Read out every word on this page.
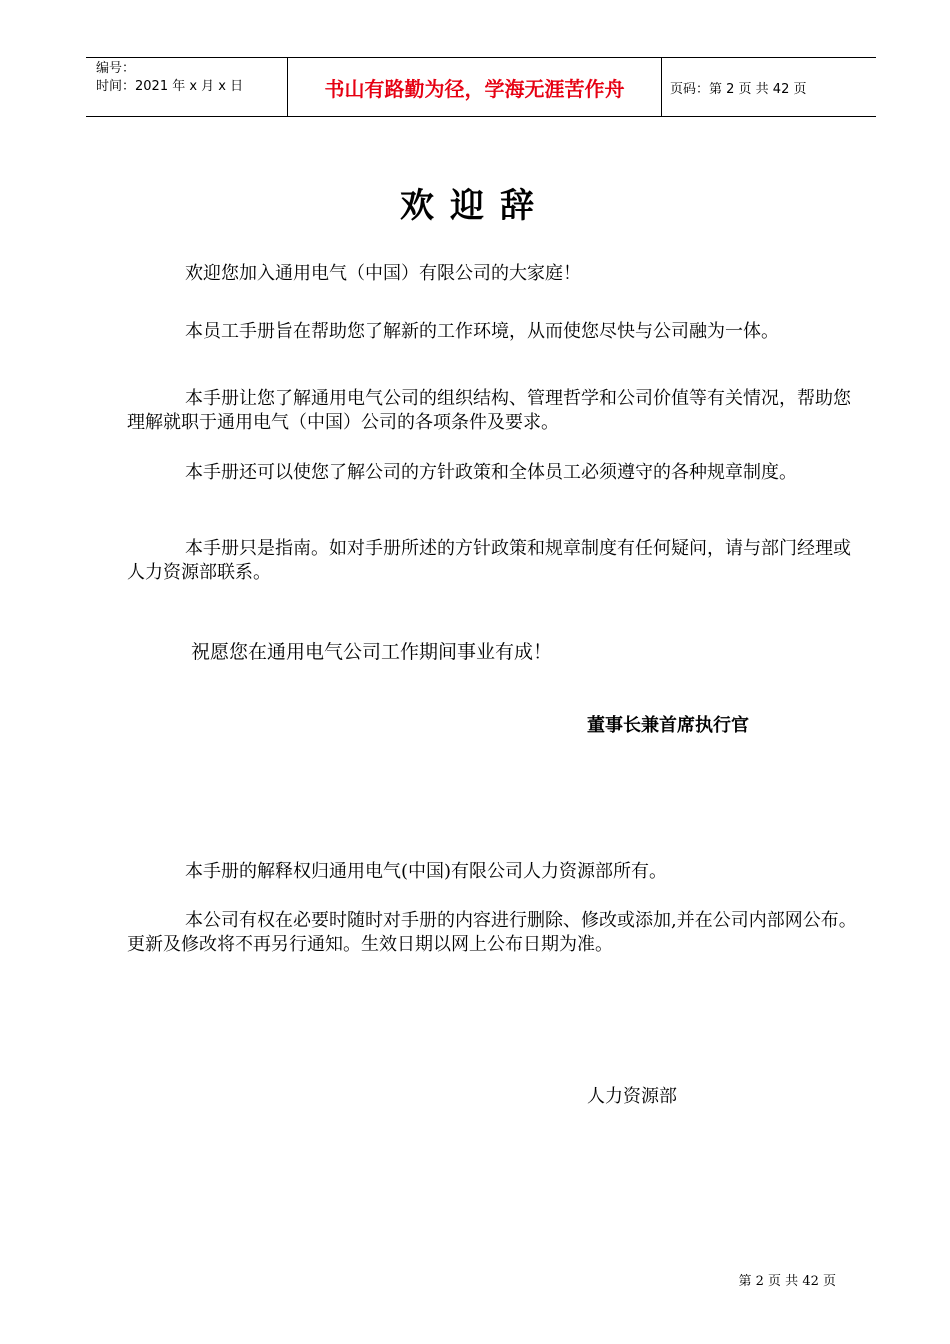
编号：
时间：2021 年 x 月 x 日	书山有路勤为径，学海无涯苦作舟	页码：第 2 页 共 42 页
欢迎辞

欢迎您加入通用电气（中国）有限公司的大家庭！

本员工手册旨在帮助您了解新的工作环境，从而使您尽快与公司融为一体。

本手册让您了解通用电气公司的组织结构、管理哲学和公司价值等有关情况，帮助您理解就职于通用电气（中国）公司的各项条件及要求。

本手册还可以使您了解公司的方针政策和全体员工必须遵守的各种规章制度。

本手册只是指南。如对手册所述的方针政策和规章制度有任何疑问，请与部门经理或人力资源部联系。

祝愿您在通用电气公司工作期间事业有成！
董事长兼首席执行官

本手册的解释权归通用电气(中国)有限公司人力资源部所有。

本公司有权在必要时随时对手册的内容进行删除、修改或添加,并在公司内部网公布。更新及修改将不再另行通知。生效日期以网上公布日期为准。

人力资源部
第 2 页 共 42 页
